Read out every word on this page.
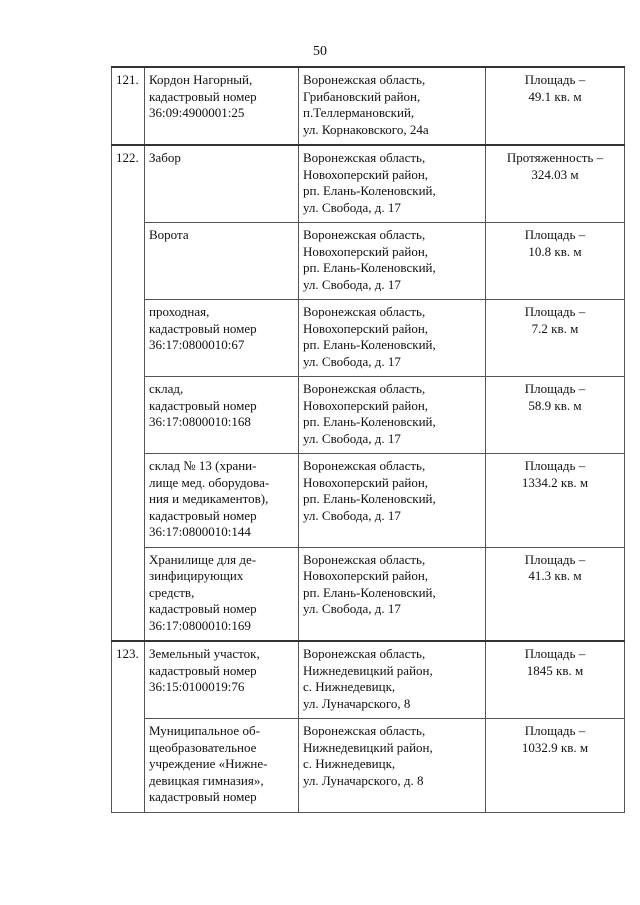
50
121.	Кордон Нагорный,
кадастровый номер
36:09:4900001:25	Воронежская область,
Грибановский район,
п.Теллермановский,
ул. Корнаковского, 24а	Площадь –
49.1 кв. м

122.	Забор	Воронежская область,
Новохоперский район,
рп. Елань-Коленовский,
ул. Свобода, д. 17	Протяженность –
324.03 м

	Ворота	Воронежская область,
Новохоперский район,
рп. Елань-Коленовский,
ул. Свобода, д. 17	Площадь –
10.8 кв. м

	проходная,
кадастровый номер
36:17:0800010:67	Воронежская область,
Новохоперский район,
рп. Елань-Коленовский,
ул. Свобода, д. 17	Площадь –
7.2 кв. м

	склад,
кадастровый номер
36:17:0800010:168	Воронежская область,
Новохоперский район,
рп. Елань-Коленовский,
ул. Свобода, д. 17	Площадь –
58.9 кв. м

	склад № 13 (храни-
лище мед. оборудова-
ния и медикаментов),
кадастровый номер
36:17:0800010:144	Воронежская область,
Новохоперский район,
рп. Елань-Коленовский,
ул. Свобода, д. 17	Площадь –
1334.2 кв. м

	Хранилище для де-
зинфицирующих
средств,
кадастровый номер
36:17:0800010:169	Воронежская область,
Новохоперский район,
рп. Елань-Коленовский,
ул. Свобода, д. 17	Площадь –
41.3 кв. м

123.	Земельный участок,
кадастровый номер
36:15:0100019:76	Воронежская область,
Нижнедевицкий район,
с. Нижнедевицк,
ул. Луначарского, 8	Площадь –
1845 кв. м

	Муниципальное об-
щеобразовательное
учреждение «Нижне-
девицкая гимназия»,
кадастровый номер	Воронежская область,
Нижнедевицкий район,
с. Нижнедевицк,
ул. Луначарского, д. 8	Площадь –
1032.9 кв. м
